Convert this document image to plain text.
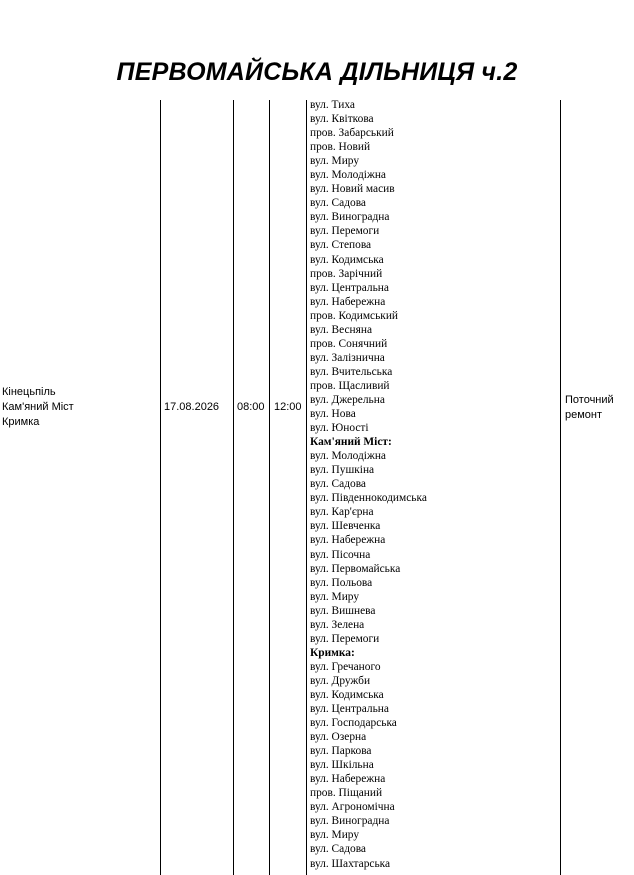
ПЕРВОМАЙСЬКА ДІЛЬНИЦЯ ч.2
Кінецьпіль
Кам'яний Міст
Кримка
17.08.2026 08:00 12:00
Поточний
ремонт
вул. Тиха
вул. Квіткова
пров. Забарський
пров. Новий
вул. Миру
вул. Молодіжна
вул. Новий масив
вул. Садова
вул. Виноградна
вул. Перемоги
вул. Степова
вул. Кодимська
пров. Зарічний
вул. Центральна
вул. Набережна
пров. Кодимський
вул. Весняна
пров. Сонячний
вул. Залізнична
вул. Вчительська
пров. Щасливий
вул. Джерельна
вул. Нова
вул. Юності
Кам'яний Міст:
вул. Молодіжна
вул. Пушкіна
вул. Садова
вул. Південнокодимська
вул. Кар'єрна
вул. Шевченка
вул. Набережна
вул. Пісочна
вул. Первомайська
вул. Польова
вул. Миру
вул. Вишнева
вул. Зелена
вул. Перемоги
Кримка:
вул. Гречаного
вул. Дружби
вул. Кодимська
вул. Центральна
вул. Господарська
вул. Озерна
вул. Паркова
вул. Шкільна
вул. Набережна
пров. Піщаний
вул. Агрономічна
вул. Виноградна
вул. Миру
вул. Садова
вул. Шахтарська
